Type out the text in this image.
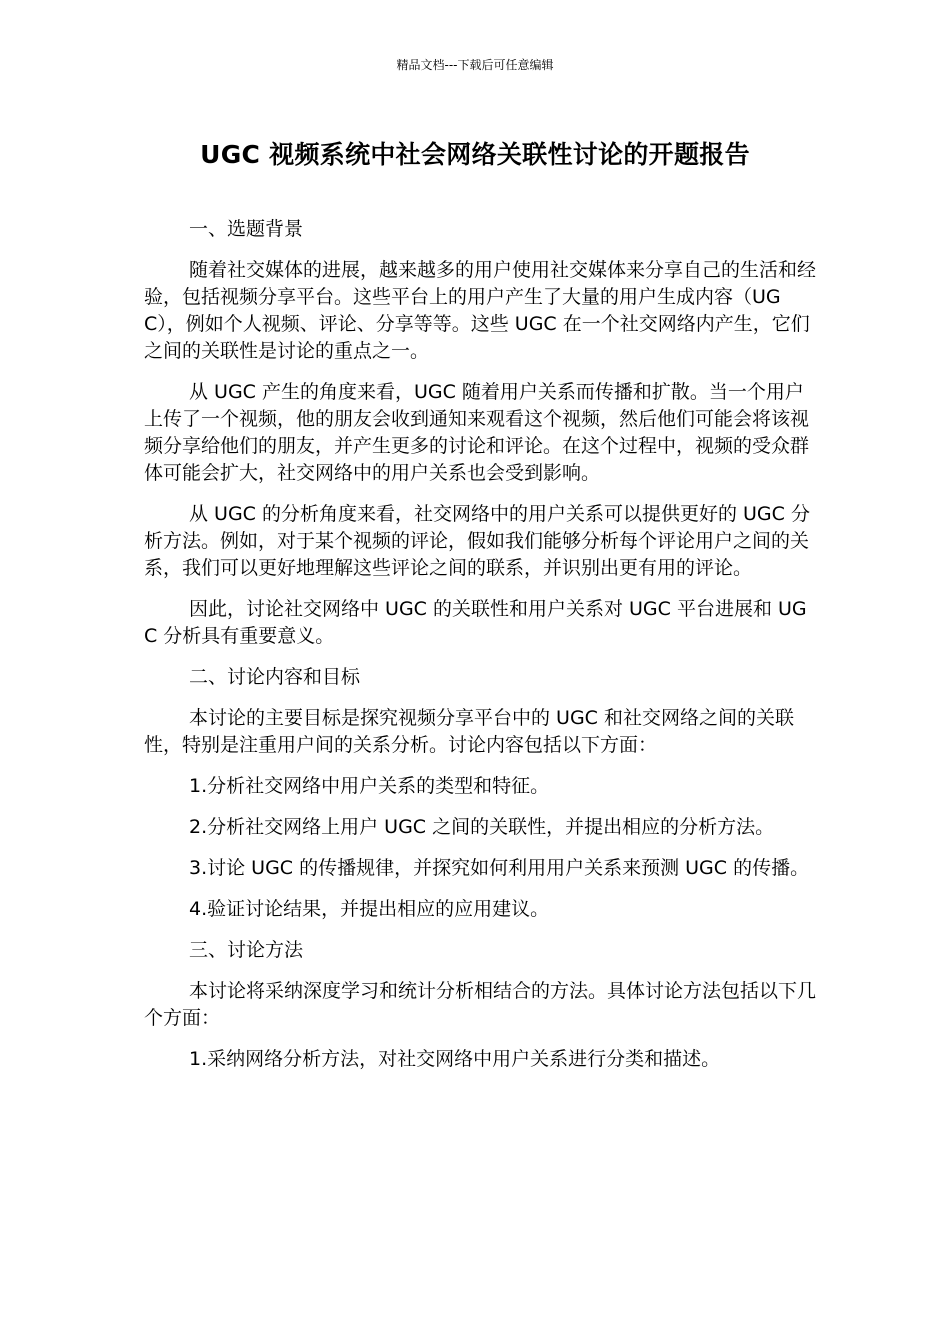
精品文档---下载后可任意编辑
UGC 视频系统中社会网络关联性讨论的开题报告

一、选题背景

随着社交媒体的进展，越来越多的用户使用社交媒体来分享自己的生活和经验，包括视频分享平台。这些平台上的用户产生了大量的用户生成内容（UGC），例如个人视频、评论、分享等等。这些 UGC 在一个社交网络内产生，它们之间的关联性是讨论的重点之一。

从 UGC 产生的角度来看，UGC 随着用户关系而传播和扩散。当一个用户上传了一个视频，他的朋友会收到通知来观看这个视频，然后他们可能会将该视频分享给他们的朋友，并产生更多的讨论和评论。在这个过程中，视频的受众群体可能会扩大，社交网络中的用户关系也会受到影响。

从 UGC 的分析角度来看，社交网络中的用户关系可以提供更好的 UGC 分析方法。例如，对于某个视频的评论，假如我们能够分析每个评论用户之间的关系，我们可以更好地理解这些评论之间的联系，并识别出更有用的评论。

因此，讨论社交网络中 UGC 的关联性和用户关系对 UGC 平台进展和 UGC 分析具有重要意义。

二、讨论内容和目标

本讨论的主要目标是探究视频分享平台中的 UGC 和社交网络之间的关联性，特别是注重用户间的关系分析。讨论内容包括以下方面：

1.分析社交网络中用户关系的类型和特征。

2.分析社交网络上用户 UGC 之间的关联性，并提出相应的分析方法。

3.讨论 UGC 的传播规律，并探究如何利用用户关系来预测 UGC 的传播。

4.验证讨论结果，并提出相应的应用建议。

三、讨论方法

本讨论将采纳深度学习和统计分析相结合的方法。具体讨论方法包括以下几个方面：

1.采纳网络分析方法，对社交网络中用户关系进行分类和描述。
